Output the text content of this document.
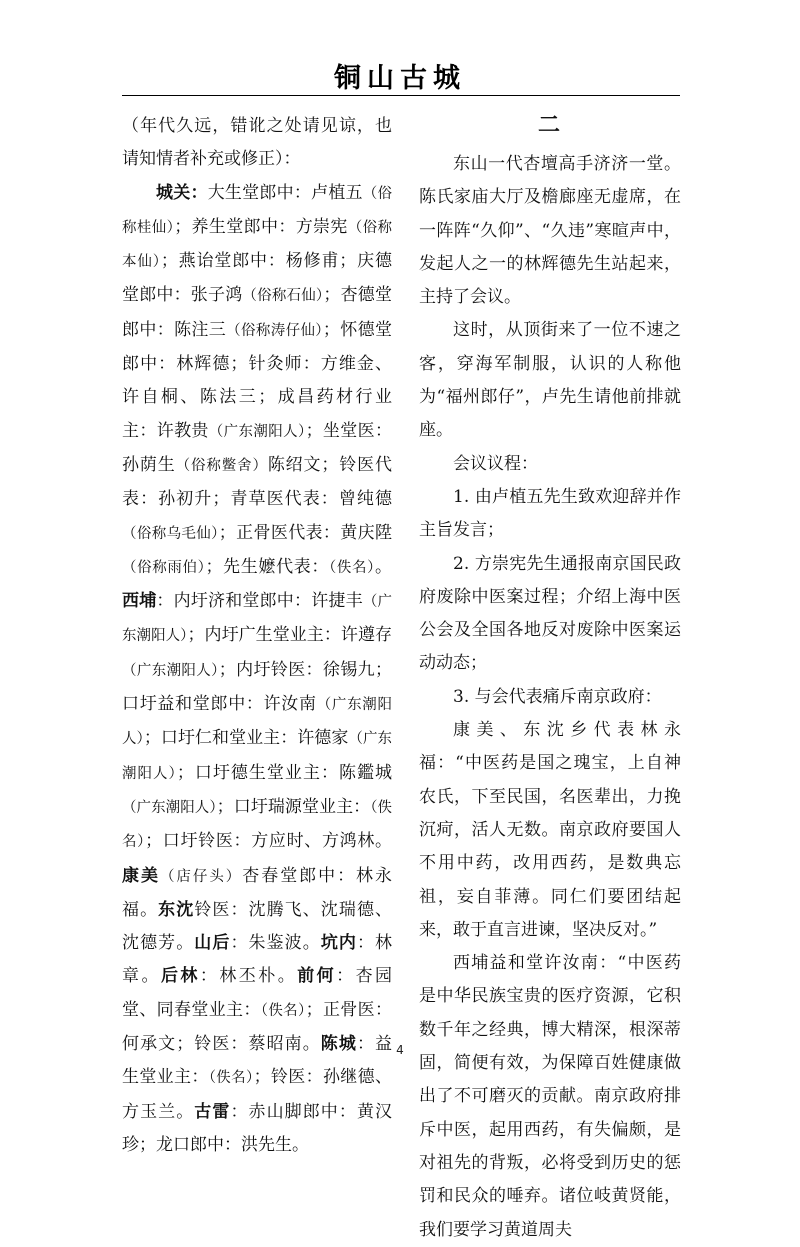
铜山古城

（年代久远，错讹之处请见谅，也请知情者补充或修正）：

城关：大生堂郎中：卢植五（俗称桂仙）；养生堂郎中：方崇宪（俗称本仙）；燕诒堂郎中：杨修甫；庆德堂郎中：张子鸿（俗称石仙）；杏德堂郎中：陈注三（俗称涛仔仙）；怀德堂郎中：林辉德；针灸师：方维金、许自桐、陈法三；成昌药材行业主：许教贵（广东潮阳人）；坐堂医：孙荫生（俗称鳖舍）陈绍文；铃医代表：孙初升；青草医代表：曾纯德（俗称乌毛仙）；正骨医代表：黄庆陞（俗称雨伯）；先生嬷代表：（佚名）。西埔：内圩济和堂郎中：许捷丰（广东潮阳人）；内圩广生堂业主：许遵存（广东潮阳人）；内圩铃医：徐锡九；口圩益和堂郎中：许汝南（广东潮阳人）；口圩仁和堂业主：许德家（广东潮阳人）；口圩德生堂业主：陈鑑城（广东潮阳人）；口圩瑞源堂业主：（佚名）；口圩铃医：方应时、方鸿林。康美（店仔头）杏春堂郎中：林永福。东沈铃医：沈腾飞、沈瑞德、沈德芳。山后：朱鉴波。坑内：林章。后林：林丕朴。前何：杏园堂、同春堂业主：（佚名）；正骨医：何承文；铃医：蔡昭南。陈城：益生堂业主：（佚名）；铃医：孙继德、方玉兰。古雷：赤山脚郎中：黄汉珍；龙口郎中：洪先生。

二

东山一代杏壇高手济济一堂。陈氏家庙大厅及檐廊座无虚席，在一阵阵“久仰”、“久违”寒暄声中，发起人之一的林辉德先生站起来，主持了会议。

这时，从顶街来了一位不速之客，穿海军制服，认识的人称他为“福州郎仔”，卢先生请他前排就座。

会议议程：

1. 由卢植五先生致欢迎辞并作主旨发言；

2. 方崇宪先生通报南京国民政府废除中医案过程；介绍上海中医公会及全国各地反对废除中医案运动动态；

3. 与会代表痛斥南京政府：

康美、东沈乡代表林永福：“中医药是国之瑰宝，上自神农氏，下至民国，名医辈出，力挽沉疴，活人无数。南京政府要国人不用中药，改用西药，是数典忘祖，妄自菲薄。同仁们要团结起来，敢于直言进谏，坚决反对。”

西埔益和堂许汝南：“中医药是中华民族宝贵的医疗资源，它积数千年之经典，博大精深，根深蒂固，简便有效，为保障百姓健康做出了不可磨灭的贡献。南京政府排斥中医，起用西药，有失偏颇，是对祖先的背叛，必将受到历史的惩罚和民众的唾弃。诸位岐黄贤能，我们要学习黄道周夫

4
